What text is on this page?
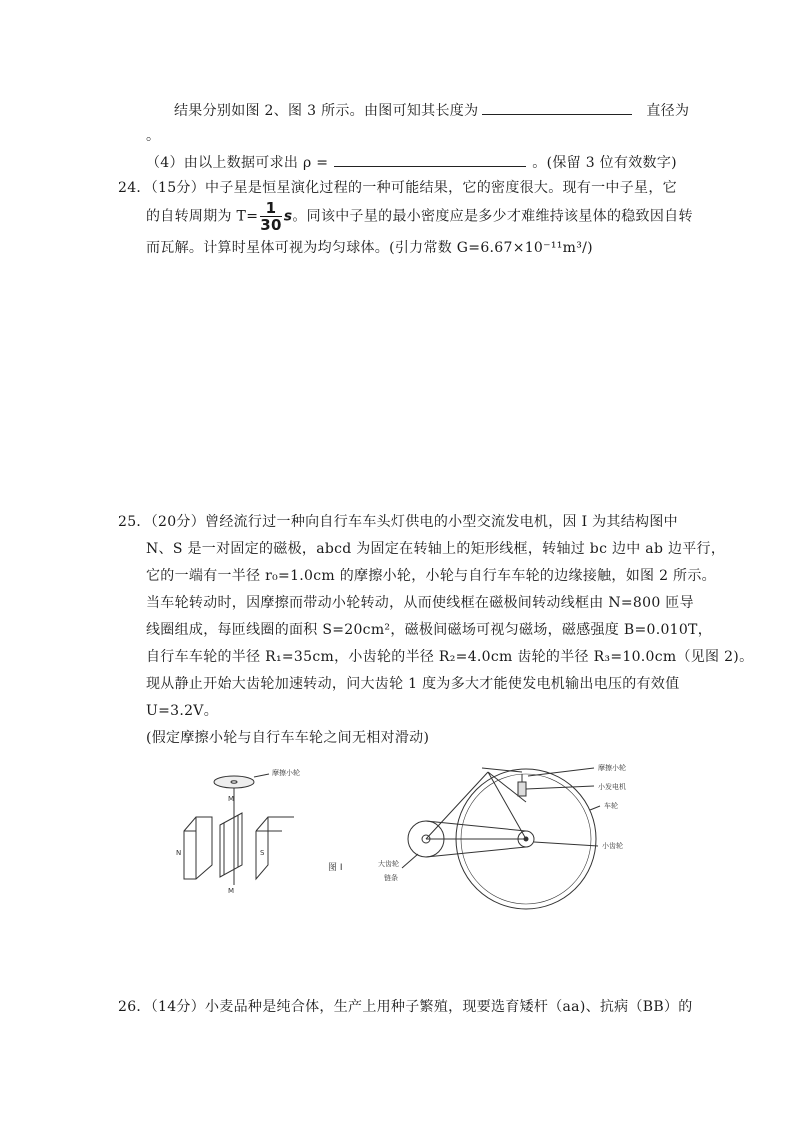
结果分别如图 2、图 3 所示。由图可知其长度为	直径为
。
（4）由以上数据可求出 ρ =	。(保留 3 位有效数字)
24．（15分）中子星是恒星演化过程的一种可能结果，它的密度很大。现有一中子星，它
的自转周期为 $T= \frac{1}{30}$ s。同该中子星的最小密度应是多少才难维持该星体的稳致因自转
而瓦解。计算时星体可视为均匀球体。(引力常数 G=6.67×10⁻¹¹m³/)
25．（20分）曾经流行过一种向自行车车头灯供电的小型交流发电机，因 I 为其结构图中
N、S 是一对固定的磁极，abcd 为固定在转轴上的矩形线框，转轴过 bc 边中 ab 边平行，
它的一端有一半径 r₀=1.0cm 的摩擦小轮，小轮与自行车车轮的边缘接触，如图 2 所示。
当车轮转动时，因摩擦而带动小轮转动，从而使线框在磁极间转动线框由 N=800 匝导
线圈组成，每匝线圈的面积 S=20cm²，磁极间磁场可视匀磁场，磁感强度 B=0.010T，
自行车车轮的半径 R₁=35cm，小齿轮的半径 R₂=4.0cm 齿轮的半径 R₃=10.0cm（见图 2)。
现从静止开始大齿轮加速转动，问大齿轮 1 度为多大才能使发电机输出电压的有效值
U=3.2V。
(假定摩擦小轮与自行车车轮之间无相对滑动)
摩擦小轮
M
N	S
M
图 I	大齿轮
链条
摩擦小轮
小发电机
车轮
小齿轮
26．（14分）小麦品种是纯合体，生产上用种子繁殖，现要选育矮杆（aa)、抗病（BB）的
